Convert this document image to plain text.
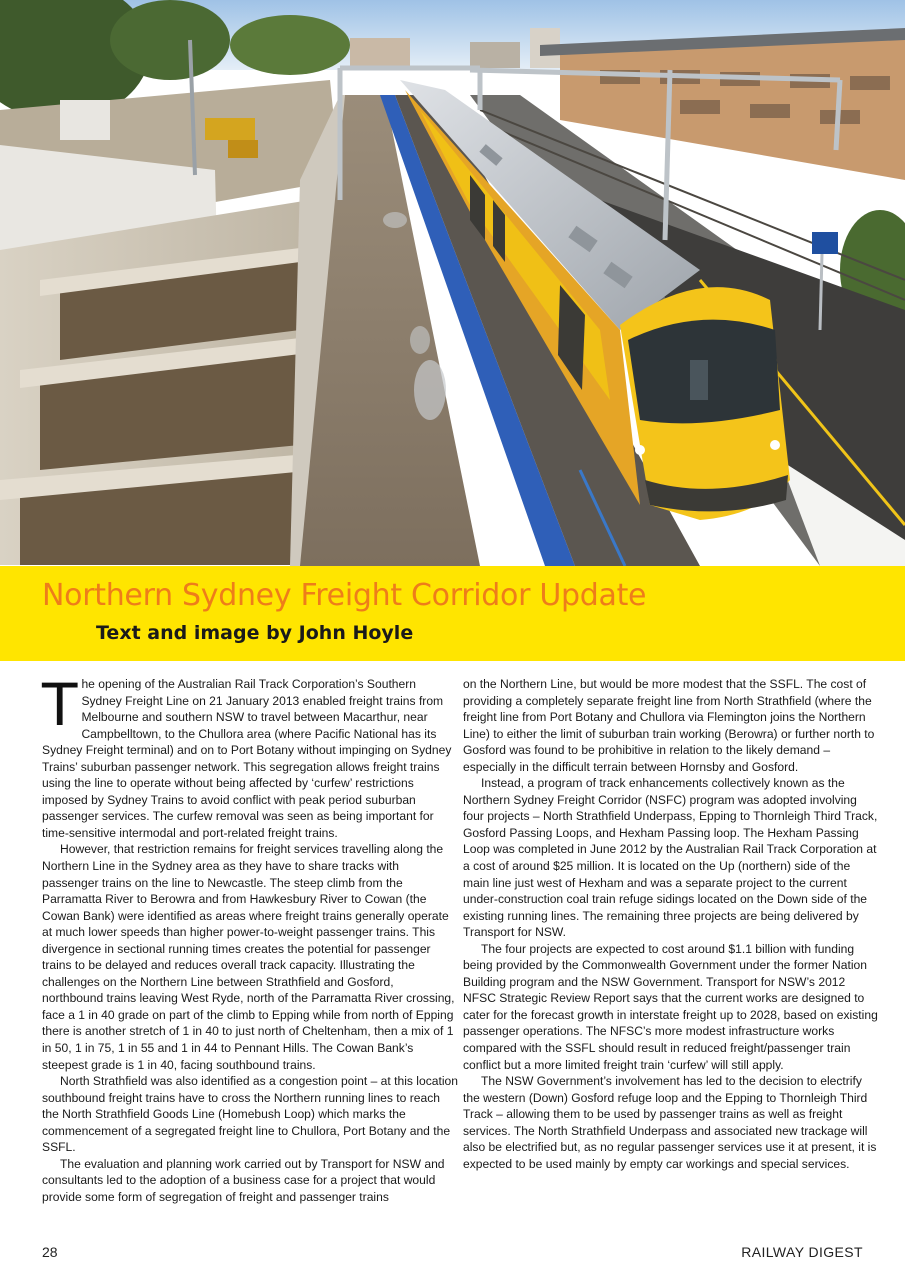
Northern Sydney Freight Corridor Update
Text and image by John Hoyle

The opening of the Australian Rail Track Corporation’s Southern Sydney Freight Line on 21 January 2013 enabled freight trains from Melbourne and southern NSW to travel between Macarthur, near Campbelltown, to the Chullora area (where Pacific National has its Sydney Freight terminal) and on to Port Botany without impinging on Sydney Trains’ suburban passenger network. This segregation allows freight trains using the line to operate without being affected by ‘curfew’ restrictions imposed by Sydney Trains to avoid conflict with peak period suburban passenger services. The curfew removal was seen as being important for time-sensitive intermodal and port-related freight trains.

However, that restriction remains for freight services travelling along the Northern Line in the Sydney area as they have to share tracks with passenger trains on the line to Newcastle. The steep climb from the Parramatta River to Berowra and from Hawkesbury River to Cowan (the Cowan Bank) were identified as areas where freight trains generally operate at much lower speeds than higher power-to-weight passenger trains. This divergence in sectional running times creates the potential for passenger trains to be delayed and reduces overall track capacity. Illustrating the challenges on the Northern Line between Strathfield and Gosford, northbound trains leaving West Ryde, north of the Parramatta River crossing, face a 1 in 40 grade on part of the climb to Epping while from north of Epping there is another stretch of 1 in 40 to just north of Cheltenham, then a mix of 1 in 50, 1 in 75, 1 in 55 and 1 in 44 to Pennant Hills. The Cowan Bank’s steepest grade is 1 in 40, facing southbound trains.

North Strathfield was also identified as a congestion point – at this location southbound freight trains have to cross the Northern running lines to reach the North Strathfield Goods Line (Homebush Loop) which marks the commencement of a segregated freight line to Chullora, Port Botany and the SSFL.

The evaluation and planning work carried out by Transport for NSW and consultants led to the adoption of a business case for a project that would provide some form of segregation of freight and passenger trains

on the Northern Line, but would be more modest that the SSFL. The cost of providing a completely separate freight line from North Strathfield (where the freight line from Port Botany and Chullora via Flemington joins the Northern Line) to either the limit of suburban train working (Berowra) or further north to Gosford was found to be prohibitive in relation to the likely demand – especially in the difficult terrain between Hornsby and Gosford.

Instead, a program of track enhancements collectively known as the Northern Sydney Freight Corridor (NSFC) program was adopted involving four projects – North Strathfield Underpass, Epping to Thornleigh Third Track, Gosford Passing Loops, and Hexham Passing loop. The Hexham Passing Loop was completed in June 2012 by the Australian Rail Track Corporation at a cost of around $25 million. It is located on the Up (northern) side of the main line just west of Hexham and was a separate project to the current under-construction coal train refuge sidings located on the Down side of the existing running lines. The remaining three projects are being delivered by Transport for NSW.

The four projects are expected to cost around $1.1 billion with funding being provided by the Commonwealth Government under the former Nation Building program and the NSW Government. Transport for NSW’s 2012 NFSC Strategic Review Report says that the current works are designed to cater for the forecast growth in interstate freight up to 2028, based on existing passenger operations. The NFSC’s more modest infrastructure works compared with the SSFL should result in reduced freight/passenger train conflict but a more limited freight train ‘curfew’ will still apply.

The NSW Government’s involvement has led to the decision to electrify the western (Down) Gosford refuge loop and the Epping to Thornleigh Third Track – allowing them to be used by passenger trains as well as freight services. The North Strathfield Underpass and associated new trackage will also be electrified but, as no regular passenger services use it at present, it is expected to be used mainly by empty car workings and special services.

28	RAILWAY DIGEST
